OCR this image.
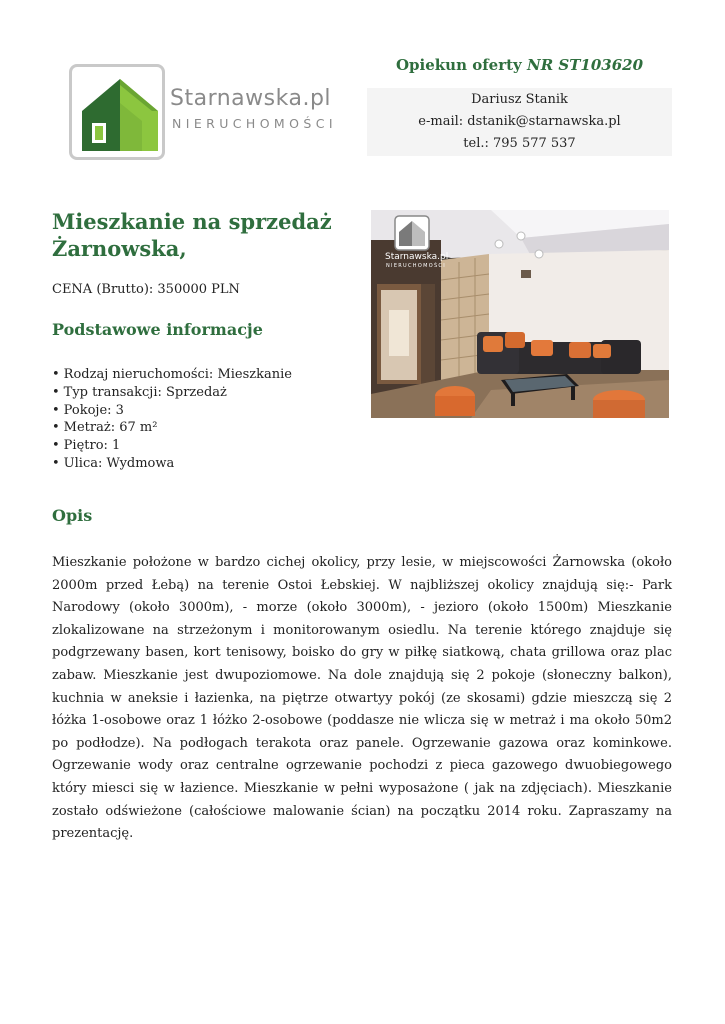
Starnawska.pl
NIERUCHOMOŚCI
Opiekun oferty NR ST103620
Dariusz Stanik
e-mail: dstanik@starnawska.pl
tel.: 795 577 537
Mieszkanie na sprzedaż
Żarnowska,
CENA (Brutto): 350000 PLN
Podstawowe informacje
• Rodzaj nieruchomości: Mieszkanie
• Typ transakcji: Sprzedaż
• Pokoje: 3
• Metraż: 67 m²
• Piętro: 1
• Ulica: Wydmowa
Starnawska.pl
NIERUCHOMOŚCI
Opis

Mieszkanie położone w bardzo cichej okolicy, przy lesie, w miejscowości Żarnowska (około 2000m przed Łebą) na terenie Ostoi Łebskiej. W najbliższej okolicy znajdują się:- Park Narodowy (około 3000m), - morze (około 3000m), - jezioro (około 1500m) Mieszkanie zlokalizowane na strzeżonym i monitorowanym osiedlu. Na terenie którego znajduje się podgrzewany basen, kort tenisowy, boisko do gry w piłkę siatkową, chata grillowa oraz plac zabaw. Mieszkanie jest dwupoziomowe. Na dole znajdują się 2 pokoje (słoneczny balkon), kuchnia w aneksie i łazienka, na piętrze otwartyy pokój (ze skosami) gdzie mieszczą się 2 łóżka 1-osobowe oraz 1 łóżko 2-osobowe (poddasze nie wlicza się w metraż i ma około 50m2 po podłodze). Na podłogach terakota oraz panele. Ogrzewanie gazowa oraz kominkowe. Ogrzewanie wody oraz centralne ogrzewanie pochodzi z pieca gazowego dwuobiegowego który miesci się w łazience. Mieszkanie w pełni wyposażone ( jak na zdjęciach). Mieszkanie zostało odświeżone (całościowe malowanie ścian) na początku 2014 roku. Zapraszamy na prezentację.
